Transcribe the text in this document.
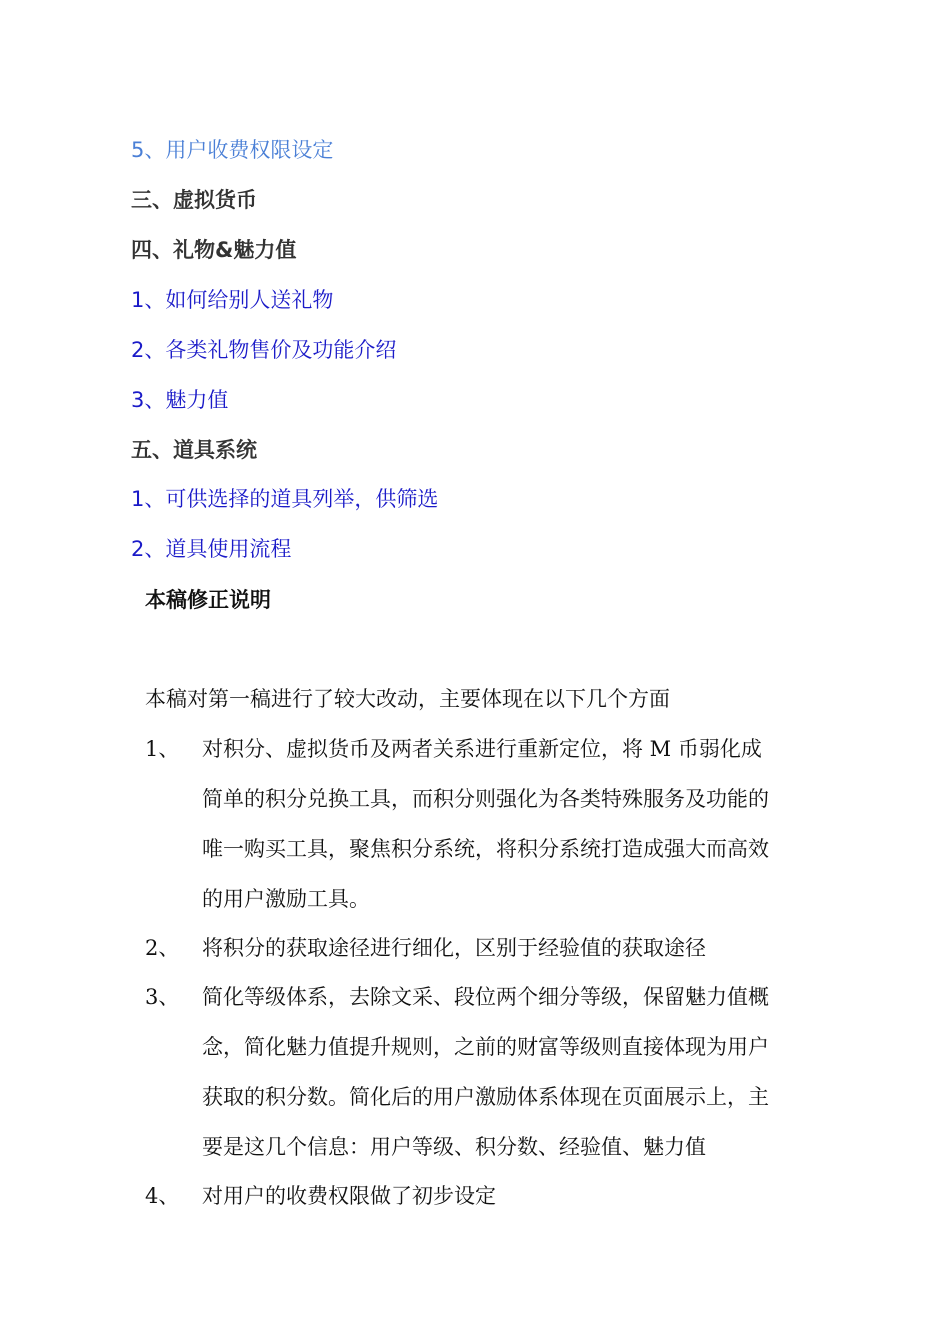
5、用户收费权限设定
三、虚拟货币
四、礼物&魅力值
1、如何给别人送礼物
2、各类礼物售价及功能介绍
3、魅力值
五、道具系统
1、可供选择的道具列举，供筛选
2、道具使用流程
本稿修正说明
本稿对第一稿进行了较大改动，主要体现在以下几个方面
1、 对积分、虚拟货币及两者关系进行重新定位，将 M 币弱化成
简单的积分兑换工具，而积分则强化为各类特殊服务及功能的
唯一购买工具，聚焦积分系统，将积分系统打造成强大而高效
的用户激励工具。
2、 将积分的获取途径进行细化，区别于经验值的获取途径
3、 简化等级体系，去除文采、段位两个细分等级，保留魅力值概
念，简化魅力值提升规则，之前的财富等级则直接体现为用户
获取的积分数。简化后的用户激励体系体现在页面展示上，主
要是这几个信息：用户等级、积分数、经验值、魅力值
4、 对用户的收费权限做了初步设定
